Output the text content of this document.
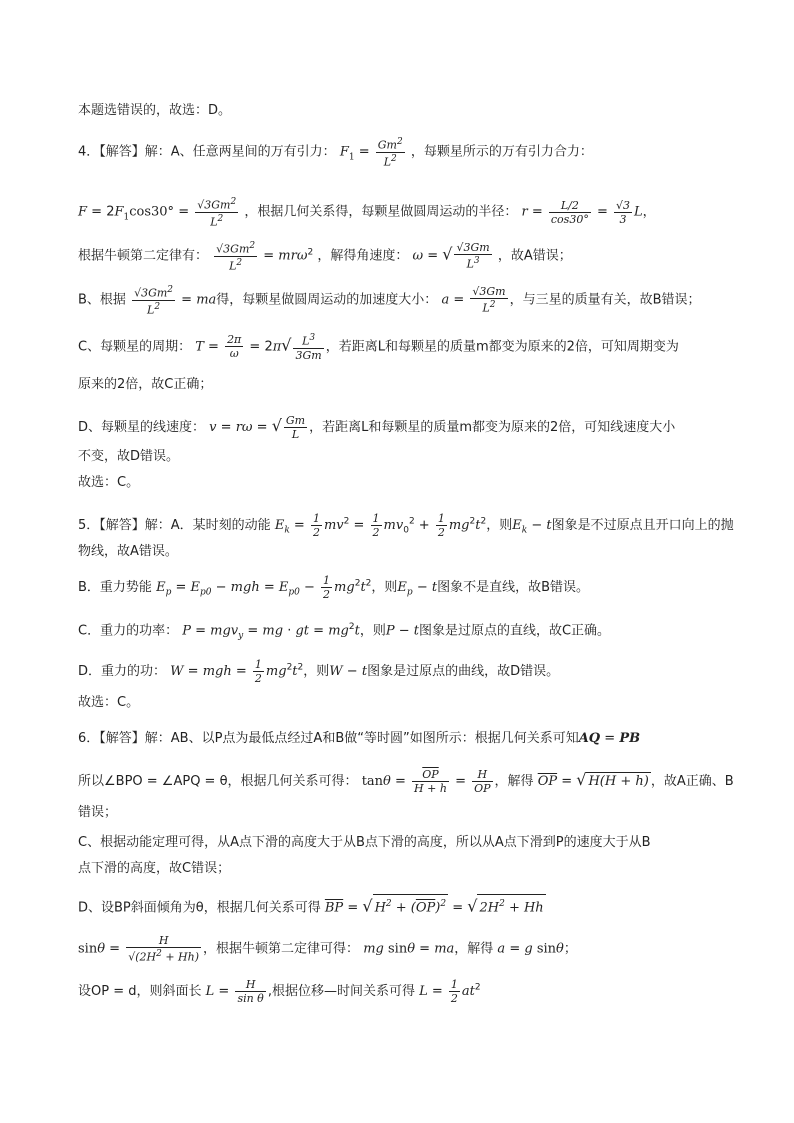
本题选错误的，故选：D。
4．【解答】解：A、任意两星间的万有引力： $F_1 = \frac{Gm^2}{L^2}$ ，每颗星所示的万有引力合力：
$F = 2F_1\cos 30^\circ = \frac{√3Gm^2}{L^2}$ ，根据几何关系得，每颗星做圆周运动的半径： $r = \frac{L/2}{\cos 30^\circ} = \frac{√3}{3}$ L，
根据牛顿第二定律有： $\frac{√3Gm^2}{L^2} = mr\omega^2$ ，解得角速度： ω = √ $\frac{√3Gm}{L^3}$ ，故A错误；
B、根据 $\frac{√3Gm^2}{L^2}$ = ma得，每颗星做圆周运动的加速度大小： $a = \frac{√3Gm}{L^2}$ ，与三星的质量有关，故B错误；
C、每颗星的周期： $T = \frac{2\pi}{\omega} = 2\pi√ \frac{L^3}{3Gm}$ ，若距离L和每颗星的质量m都变为原来的2倍，可知周期变为
原来的2倍，故C正确；
D、每颗星的线速度： v = rω = √ $\frac{Gm}{L}$ ，若距离L和每颗星的质量m都变为原来的2倍，可知线速度大小
不变，故D错误。
故选：C。
5．【解答】解：A．某时刻的动能 $E_k = \frac{1}{2} mv^2 = \frac{1}{2} mv_0^2 + \frac{1}{2} mg^2t^2$，则$E_k - t$图象是不过原点且开口向上的抛
物线，故A错误。
B．重力势能 $E_p = E_{p0}$ − mgh = $E_{p0} - \frac{1}{2} mg^2t^2$，则$E_p - t$图象不是直线，故B错误。
C．重力的功率： P = mgv$_y$ = mg · gt = $mg^2t$，则P − t图象是过原点的直线，故C正确。
D．重力的功： W = mgh = $\frac{1}{2} mg^2t^2$，则W − t图象是过原点的曲线，故D错误。
故选：C。
6．【解答】解：AB、以P点为最低点经过A和B做“等时圆”如图所示：根据几何关系可知AQ = PB
所以∠BPO = ∠APQ = θ，根据几何关系可得： $\tan\theta = \frac{\overline{OP}}{H + h} = \frac{H}{OP}$ ，解得 $\overline{OP}$ = √ H(H + h) ，故A正确、B
错误；
C、根据动能定理可得，从A点下滑的高度大于从B点下滑的高度，所以从A点下滑到P的速度大于从B
点下滑的高度，故C错误；
D、设BP斜面倾角为θ，根据几何关系可得 $\overline{BP}$ = √ $H^2 + (\overline{OP})^2$ = √ $2H^2 + Hh$
$\sin\theta = \frac{H}{√(2H^2 + Hh)}$ ，根据牛顿第二定律可得： mg sinθ = ma，解得 a = g sinθ；
设OP = d，则斜面长 $L = \frac{H}{\text{sin θ}}$ ,根据位移—时间关系可得 $L = \frac{1}{2} at^2$
